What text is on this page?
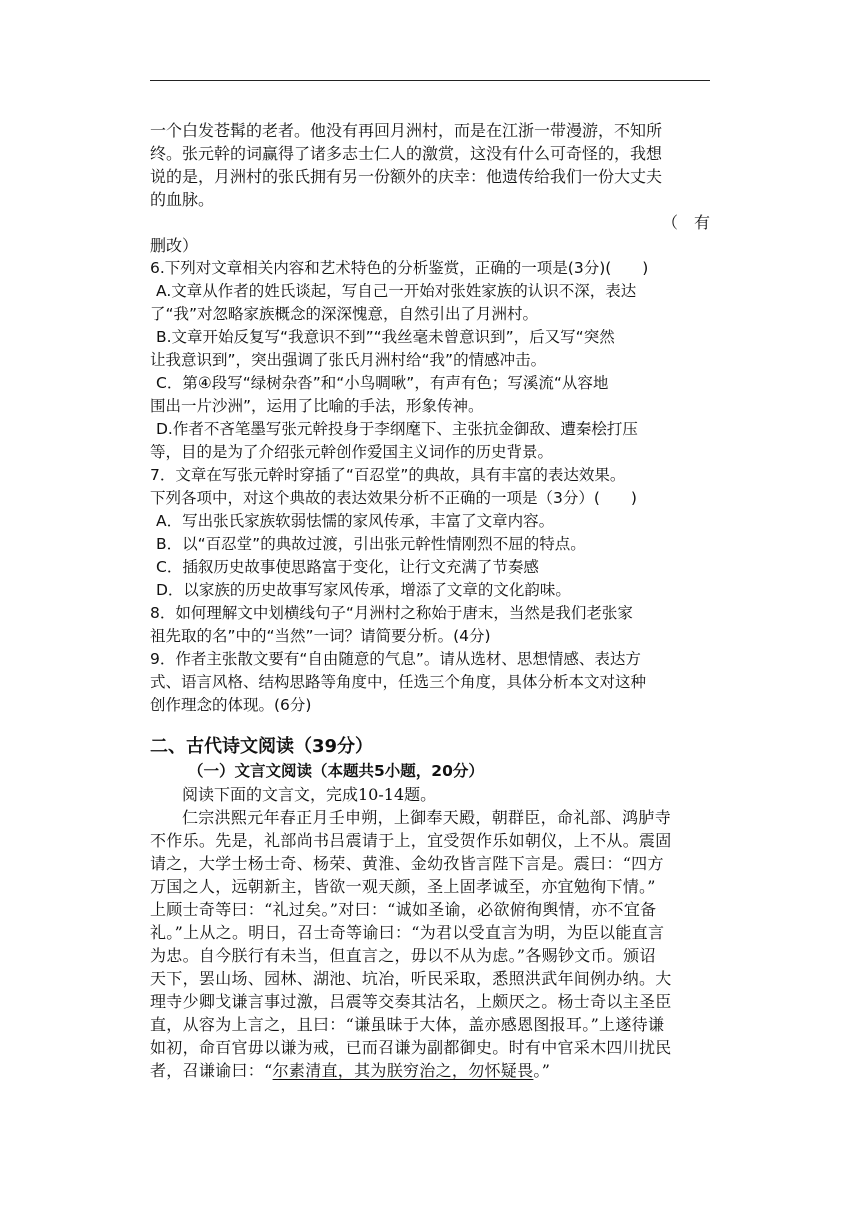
一个白发苍髯的老者。他没有再回月洲村，而是在江浙一带漫游，不知所
终。张元幹的词赢得了诸多志士仁人的激赏，这没有什么可奇怪的，我想
说的是，月洲村的张氏拥有另一份额外的庆幸：他遗传给我们一份大丈夫
的血脉。
（　有
删改）
6.下列对文章相关内容和艺术特色的分析鉴赏，正确的一项是(3分)(　　)
A.文章从作者的姓氏谈起，写自己一开始对张姓家族的认识不深，表达
了“我”对忽略家族概念的深深愧意，自然引出了月洲村。
B.文章开始反复写“我意识不到”“我丝毫未曾意识到”，后又写“突然
让我意识到”，突出强调了张氏月洲村给“我”的情感冲击。
C．第④段写“绿树杂沓”和“小鸟啁啾”，有声有色；写溪流“从容地
围出一片沙洲”，运用了比喻的手法，形象传神。
D.作者不吝笔墨写张元幹投身于李纲麾下、主张抗金御敌、遭秦桧打压
等，目的是为了介绍张元幹创作爱国主义词作的历史背景。
7．文章在写张元幹时穿插了“百忍堂”的典故，具有丰富的表达效果。
下列各项中，对这个典故的表达效果分析不正确的一项是（3分）(　　)
A．写出张氏家族软弱怯懦的家风传承，丰富了文章内容。
B．以“百忍堂”的典故过渡，引出张元幹性情刚烈不屈的特点。
C．插叙历史故事使思路富于变化，让行文充满了节奏感
D．以家族的历史故事写家风传承，增添了文章的文化韵味。
8．如何理解文中划横线句子“月洲村之称始于唐末，当然是我们老张家
祖先取的名”中的“当然”一词？请简要分析。(4分)
9．作者主张散文要有“自由随意的气息”。请从选材、思想情感、表达方
式、语言风格、结构思路等角度中，任选三个角度，具体分析本文对这种
创作理念的体现。(6分)
二、古代诗文阅读（39分）
（一）文言文阅读（本题共5小题，20分）
阅读下面的文言文，完成10-14题。
仁宗洪熙元年春正月壬申朔，上御奉天殿，朝群臣，命礼部、鸿胪寺
不作乐。先是，礼部尚书吕震请于上，宜受贺作乐如朝仪，上不从。震固
请之，大学士杨士奇、杨荣、黄淮、金幼孜皆言陛下言是。震曰：“四方
万国之人，远朝新主，皆欲一观天颜，圣上固孝诚至，亦宜勉徇下情。”
上顾士奇等曰：“礼过矣。”对曰：“诚如圣谕，必欲俯徇舆情，亦不宜备
礼。”上从之。明日，召士奇等谕曰：“为君以受直言为明，为臣以能直言
为忠。自今朕行有未当，但直言之，毋以不从为虑。”各赐钞文币。颁诏
天下，罢山场、园林、湖池、坑冶，听民采取，悉照洪武年间例办纳。大
理寺少卿戈谦言事过激，吕震等交奏其沽名，上颇厌之。杨士奇以主圣臣
直，从容为上言之，且曰：“谦虽昧于大体，盖亦感恩图报耳。”上遂待谦
如初，命百官毋以谦为戒，已而召谦为副都御史。时有中官采木四川扰民
者，召谦谕曰：“尔素清直，其为朕穷治之，勿怀疑畏。”
